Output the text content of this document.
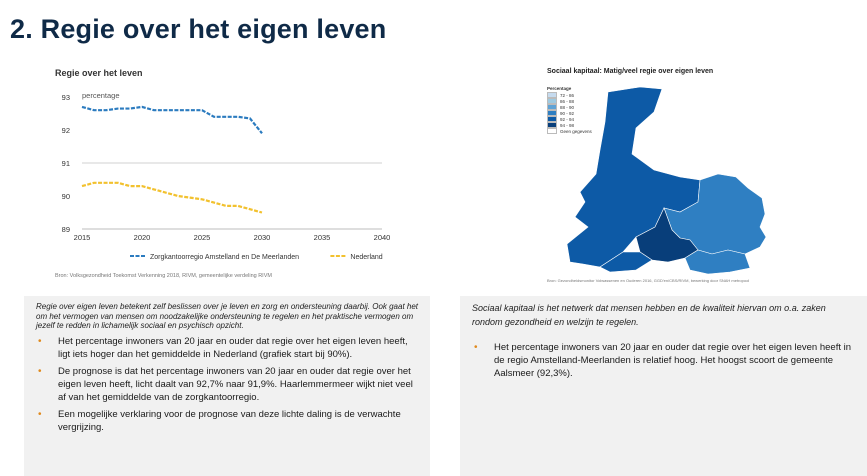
2. Regie over het eigen leven
Regie over het leven
89
90
91
92
93
2015	2020	2025	2030	2035	2040
percentage
Zorgkantoorregio Amstelland en De Meerlanden	Nederland
Bron: Volksgezondheid Toekomst Verkenning 2018, RIVM, gemeentelijke verdeling RIVM
Sociaal kapitaal: Matig/veel regie over eigen leven
Percentage
72 - 86
86 - 88
88 - 90
90 - 92
92 - 94
94 - 98
Geen gegevens
Bron: Gezondheidsmonitor Volwassenen en Ouderen 2016, GGD'en/CBS/RIVM, bewerking door SNAH metropool

Regie over eigen leven betekent zelf beslissen over je leven en zorg en ondersteuning daarbij. Ook gaat het om het vermogen van mensen om noodzakelijke ondersteuning te regelen en het praktische vermogen om jezelf te redden in lichamelijk sociaal en psychisch opzicht.

• Het percentage inwoners van 20 jaar en ouder dat regie over het eigen leven heeft, ligt iets hoger dan het gemiddelde in Nederland (grafiek start bij 90%).
• De prognose is dat het percentage inwoners van 20 jaar en ouder dat regie over het eigen leven heeft, licht daalt van 92,7% naar 91,9%. Haarlemmermeer wijkt niet veel af van het gemiddelde van de zorgkantoorregio.
• Een mogelijke verklaring voor de prognose van deze lichte daling is de verwachte vergrijzing.

Sociaal kapitaal is het netwerk dat mensen hebben en de kwaliteit hiervan om o.a. zaken rondom gezondheid en welzijn te regelen.

• Het percentage inwoners van 20 jaar en ouder dat regie over het eigen leven heeft in de regio Amstelland-Meerlanden is relatief hoog. Het hoogst scoort de gemeente Aalsmeer (92,3%).
